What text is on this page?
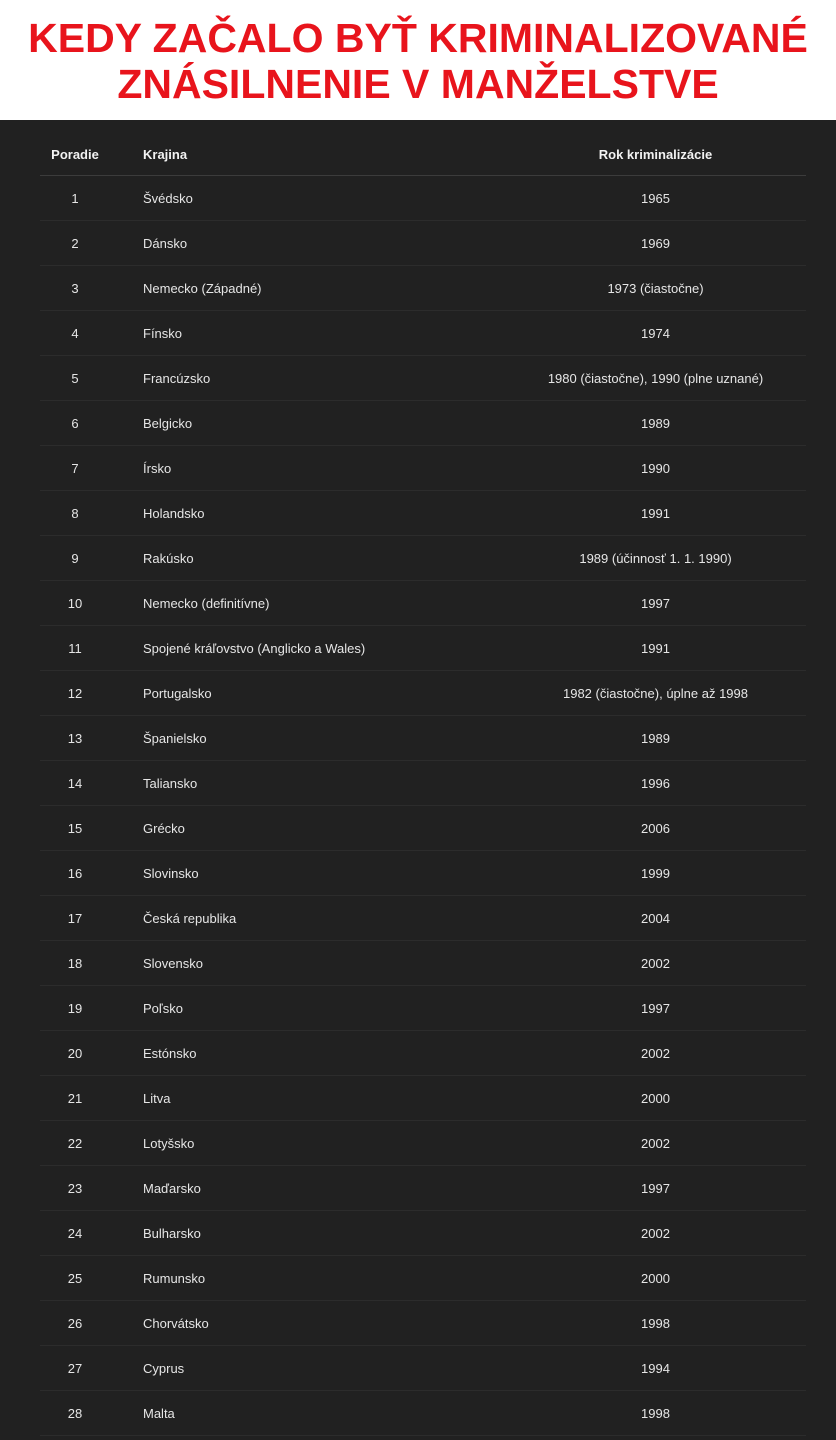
KEDY ZAČALO BYŤ KRIMINALIZOVANÉ
ZNÁSILNENIE V MANŽELSTVE
Poradie	Krajina	Rok kriminalizácie
1	Švédsko	1965
2	Dánsko	1969
3	Nemecko (Západné)	1973 (čiastočne)
4	Fínsko	1974
5	Francúzsko	1980 (čiastočne), 1990 (plne uznané)
6	Belgicko	1989
7	Írsko	1990
8	Holandsko	1991
9	Rakúsko	1989 (účinnosť 1. 1. 1990)
10	Nemecko (definitívne)	1997
11	Spojené kráľovstvo (Anglicko a Wales)	1991
12	Portugalsko	1982 (čiastočne), úplne až 1998
13	Španielsko	1989
14	Taliansko	1996
15	Grécko	2006
16	Slovinsko	1999
17	Česká republika	2004
18	Slovensko	2002
19	Poľsko	1997
20	Estónsko	2002
21	Litva	2000
22	Lotyšsko	2002
23	Maďarsko	1997
24	Bulharsko	2002
25	Rumunsko	2000
26	Chorvátsko	1998
27	Cyprus	1994
28	Malta	1998
